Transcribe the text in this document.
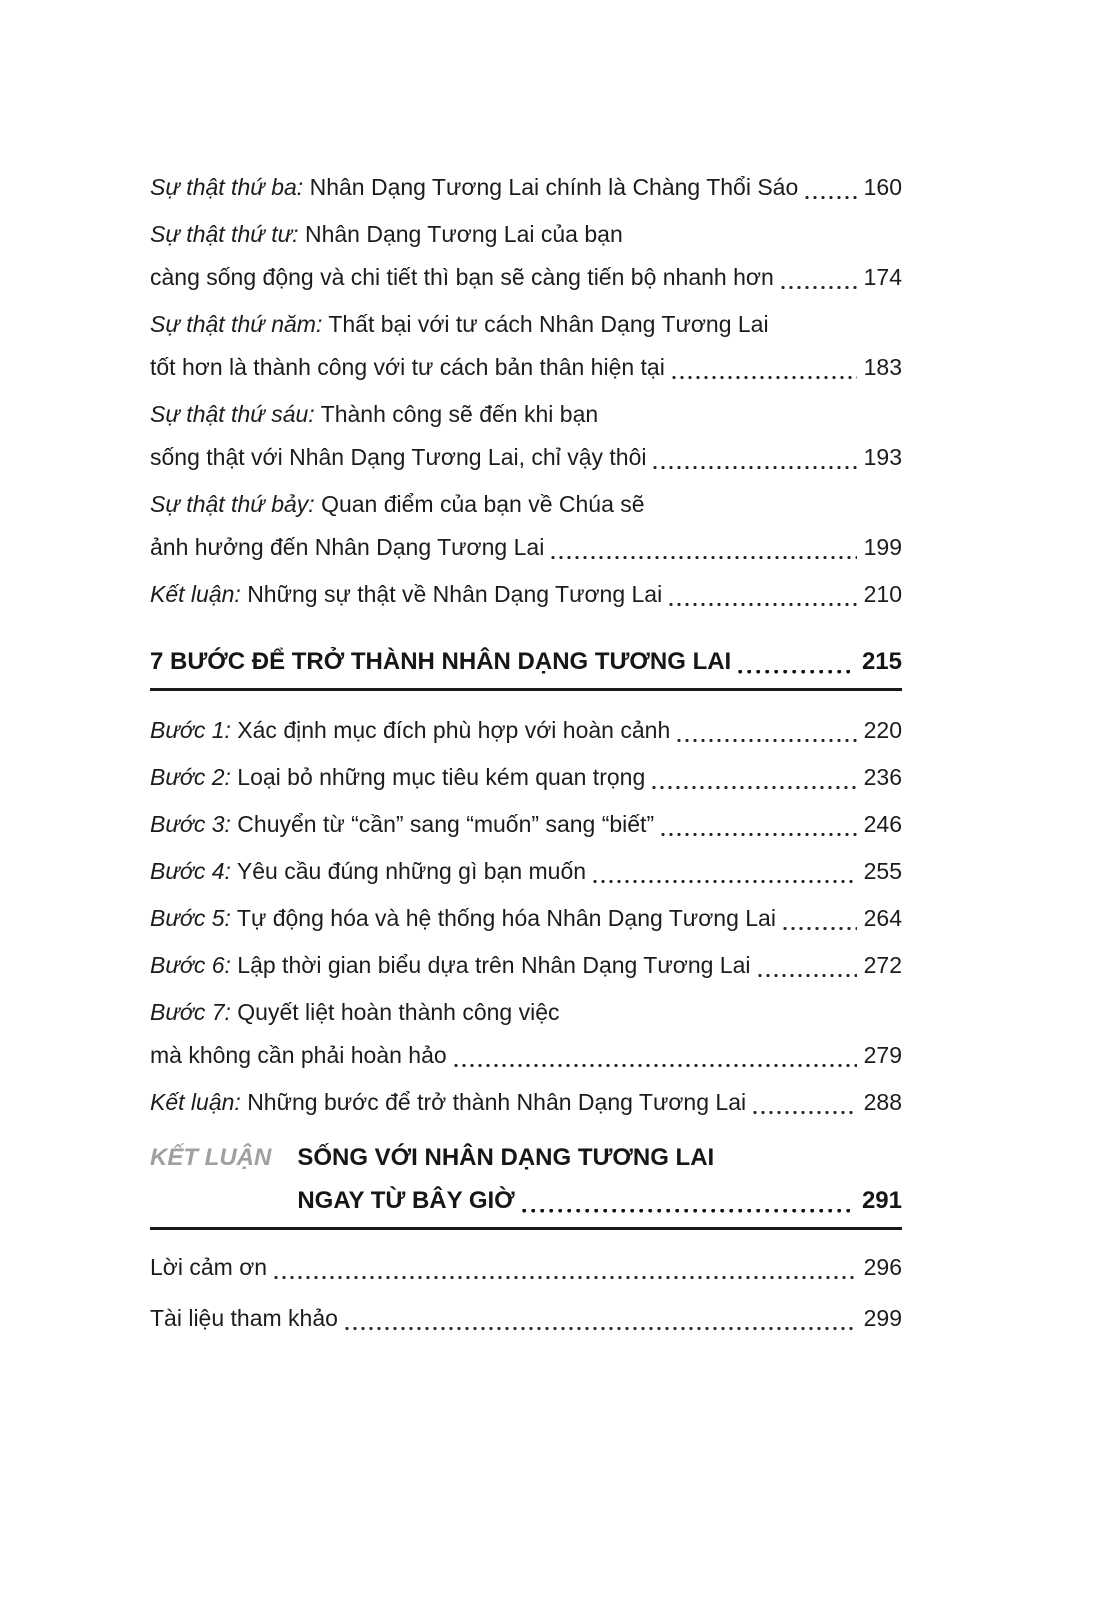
Sự thật thứ ba: Nhân Dạng Tương Lai chính là Chàng Thổi Sáo	160
Sự thật thứ tư: Nhân Dạng Tương Lai của bạn
càng sống động và chi tiết thì bạn sẽ càng tiến bộ nhanh hơn	174
Sự thật thứ năm: Thất bại với tư cách Nhân Dạng Tương Lai
tốt hơn là thành công với tư cách bản thân hiện tại	183
Sự thật thứ sáu: Thành công sẽ đến khi bạn
sống thật với Nhân Dạng Tương Lai, chỉ vậy thôi	193
Sự thật thứ bảy: Quan điểm của bạn về Chúa sẽ
ảnh hưởng đến Nhân Dạng Tương Lai	199
Kết luận: Những sự thật về Nhân Dạng Tương Lai	210
7 BƯỚC ĐỂ TRỞ THÀNH NHÂN DẠNG TƯƠNG LAI	215
Bước 1: Xác định mục đích phù hợp với hoàn cảnh	220
Bước 2: Loại bỏ những mục tiêu kém quan trọng	236
Bước 3: Chuyển từ “cần” sang “muốn” sang “biết”	246
Bước 4: Yêu cầu đúng những gì bạn muốn	255
Bước 5: Tự động hóa và hệ thống hóa Nhân Dạng Tương Lai	264
Bước 6: Lập thời gian biểu dựa trên Nhân Dạng Tương Lai	272
Bước 7: Quyết liệt hoàn thành công việc
mà không cần phải hoàn hảo	279
Kết luận: Những bước để trở thành Nhân Dạng Tương Lai	288
KẾT LUẬN SỐNG VỚI NHÂN DẠNG TƯƠNG LAI
NGAY TỪ BÂY GIỜ	291
Lời cảm ơn	296
Tài liệu tham khảo	299
